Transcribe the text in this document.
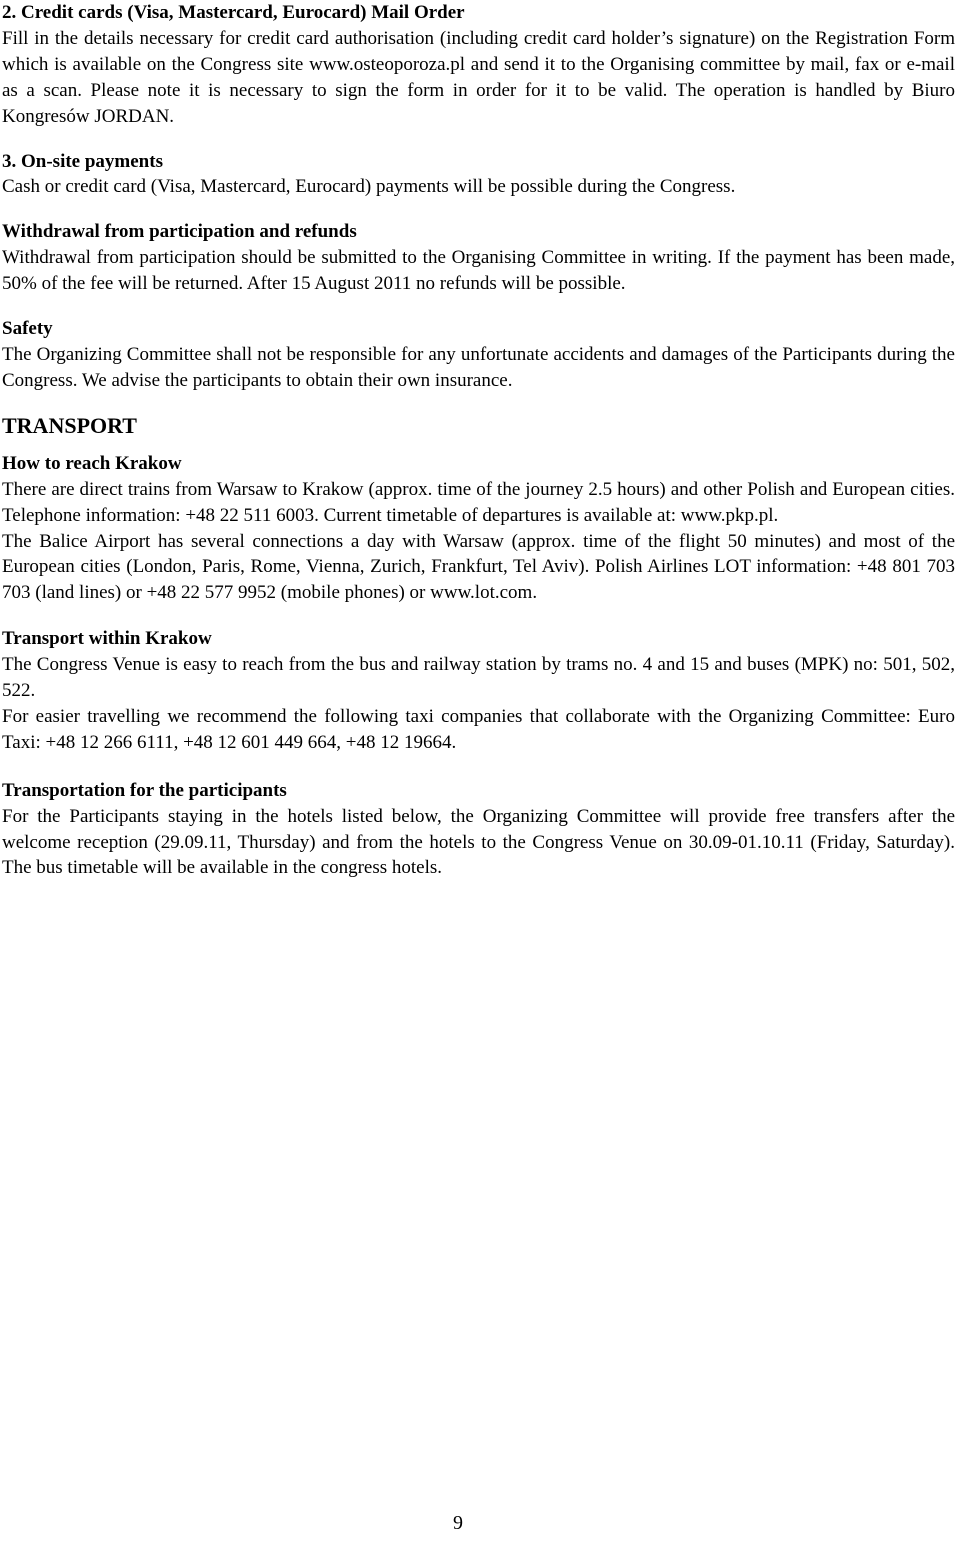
2. Credit cards (Visa, Mastercard, Eurocard) Mail Order
Fill in the details necessary for credit card authorisation (including credit card holder’s signature) on the Registration Form which is available on the Congress site www.osteoporoza.pl and send it to the Organising committee by mail, fax or e-mail as a scan. Please note it is necessary to sign the form in order for it to be valid. The operation is handled by Biuro Kongresów JORDAN.
3. On-site payments
Cash or credit card (Visa, Mastercard, Eurocard) payments will be possible during the Congress.
Withdrawal from participation and refunds
Withdrawal from participation should be submitted to the Organising Committee in writing. If the payment has been made, 50% of the fee will be returned. After 15 August 2011 no refunds will be possible.
Safety
The Organizing Committee shall not be responsible for any unfortunate accidents and damages of the Participants during the Congress. We advise the participants to obtain their own insurance.
TRANSPORT
How to reach Krakow
There are direct trains from Warsaw to Krakow (approx. time of the journey 2.5 hours) and other Polish and European cities. Telephone information: +48 22 511 6003. Current timetable of departures is available at: www.pkp.pl.
The Balice Airport has several connections a day with Warsaw (approx. time of the flight 50 minutes) and most of the European cities (London, Paris, Rome, Vienna, Zurich, Frankfurt, Tel Aviv). Polish Airlines LOT information: +48 801 703 703 (land lines) or +48 22 577 9952 (mobile phones) or www.lot.com.
Transport within Krakow
The Congress Venue is easy to reach from the bus and railway station by trams no. 4 and 15 and buses (MPK) no: 501, 502, 522.
For easier travelling we recommend the following taxi companies that collaborate with the Organizing Committee: Euro Taxi: +48 12 266 6111, +48 12 601 449 664, +48 12 19664.
Transportation for the participants
For the Participants staying in the hotels listed below, the Organizing Committee will provide free transfers after the welcome reception (29.09.11, Thursday) and from the hotels to the Congress Venue on 30.09-01.10.11 (Friday, Saturday). The bus timetable will be available in the congress hotels.
9
